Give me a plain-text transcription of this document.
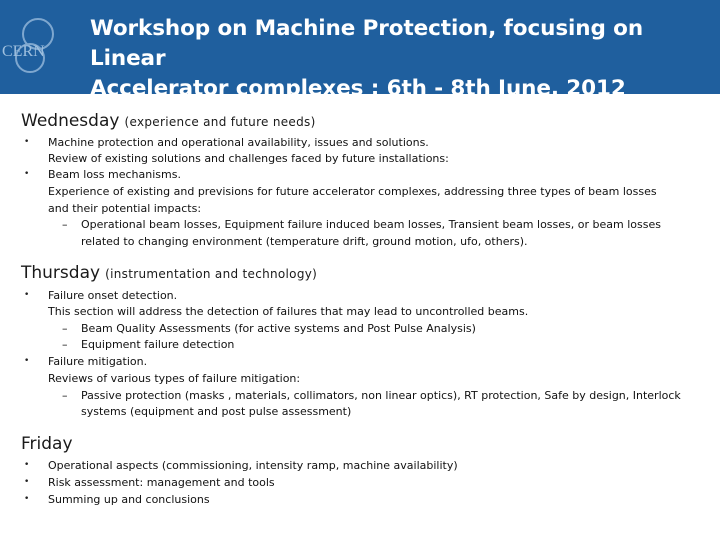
CERN
Workshop on Machine Protection, focusing on Linear
Accelerator complexes : 6th - 8th June, 2012
Wednesday (experience and future needs)
• Machine protection and operational availability, issues and solutions.
Review of existing solutions and challenges faced by future installations:
• Beam loss mechanisms.
Experience of existing and previsions for future accelerator complexes, addressing three types of beam losses
and their potential impacts:
– Operational beam losses, Equipment failure induced beam losses, Transient beam losses, or beam losses
related to changing environment (temperature drift, ground motion, ufo, others).
Thursday (instrumentation and technology)
• Failure onset detection.
This section will address the detection of failures that may lead to uncontrolled beams.
– Beam Quality Assessments (for active systems and Post Pulse Analysis)
– Equipment failure detection
• Failure mitigation.
Reviews of various types of failure mitigation:
– Passive protection (masks , materials, collimators, non linear optics), RT protection, Safe by design, Interlock
systems (equipment and post pulse assessment)
Friday
• Operational aspects (commissioning, intensity ramp, machine availability)
• Risk assessment: management and tools
• Summing up and conclusions
